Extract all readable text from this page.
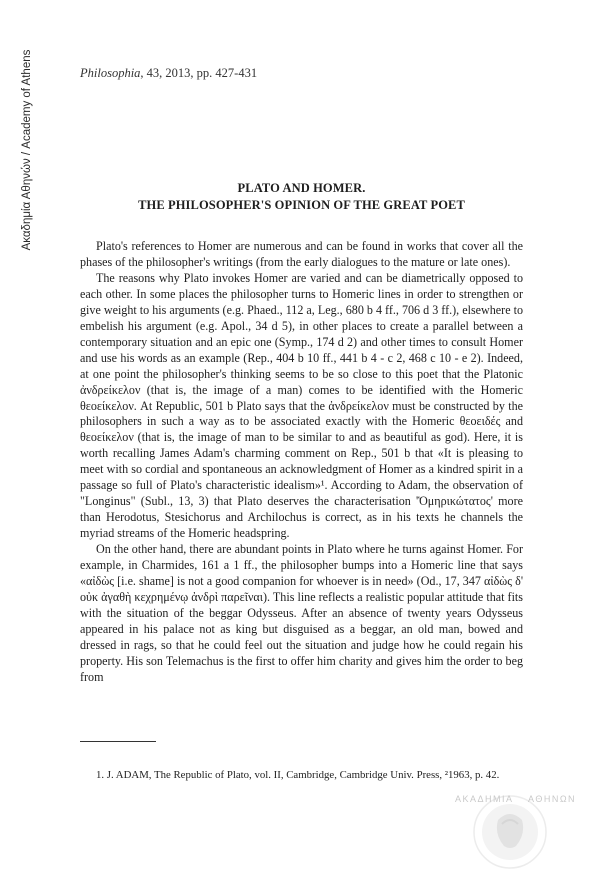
Ακαδημία Αθηνών / Academy of Athens	Philosophia, 43, 2013, pp. 427-431
PLATO AND HOMER.
THE PHILOSOPHER'S OPINION OF THE GREAT POET

Plato's references to Homer are numerous and can be found in works that cover all the phases of the philosopher's writings (from the early dialogues to the mature or late ones).

The reasons why Plato invokes Homer are varied and can be diametrically opposed to each other. In some places the philosopher turns to Homeric lines in order to strengthen or give weight to his arguments (e.g. Phaed., 112 a, Leg., 680 b 4 ff., 706 d 3 ff.), elsewhere to embelish his argument (e.g. Apol., 34 d 5), in other places to create a parallel between a contemporary situation and an epic one (Symp., 174 d 2) and other times to consult Homer and use his words as an example (Rep., 404 b 10 ff., 441 b 4 - c 2, 468 c 10 - e 2). Indeed, at one point the philosopher's thinking seems to be so close to this poet that the Platonic ἀνδρείκελον (that is, the image of a man) comes to be identified with the Homeric θεοείκελον. At Republic, 501 b Plato says that the ἀνδρείκελον must be constructed by the philosophers in such a way as to be associated exactly with the Homeric θεοειδές and θεοείκελον (that is, the image of man to be similar to and as beautiful as god). Here, it is worth recalling James Adam's charming comment on Rep., 501 b that «It is pleasing to meet with so cordial and spontaneous an acknowledgment of Homer as a kindred spirit in a passage so full of Plato's characteristic idealism»¹. According to Adam, the observation of "Longinus" (Subl., 13, 3) that Plato deserves the characterisation 'Ὁμηρικώτατος' more than Herodotus, Stesichorus and Archilochus is correct, as in his texts he channels the myriad streams of the Homeric headspring.

On the other hand, there are abundant points in Plato where he turns against Homer. For example, in Charmides, 161 a 1 ff., the philosopher bumps into a Homeric line that says «αἰδὼς [i.e. shame] is not a good companion for whoever is in need» (Od., 17, 347 αἰδὼς δ' οὐκ ἀγαθὴ κεχρημένῳ ἀνδρὶ παρεῖναι). This line reflects a realistic popular attitude that fits with the situation of the beggar Odysseus. After an absence of twenty years Odysseus appeared in his palace not as king but disguised as a beggar, an old man, bowed and dressed in rags, so that he could feel out the situation and judge how he could regain his property. His son Telemachus is the first to offer him charity and gives him the order to beg from

1. J. ADAM, The Republic of Plato, vol. II, Cambridge, Cambridge Univ. Press, ²1963, p. 42.

ΑΚΑΔΗΜΙΑ ΑΘΗΝΩΝ
